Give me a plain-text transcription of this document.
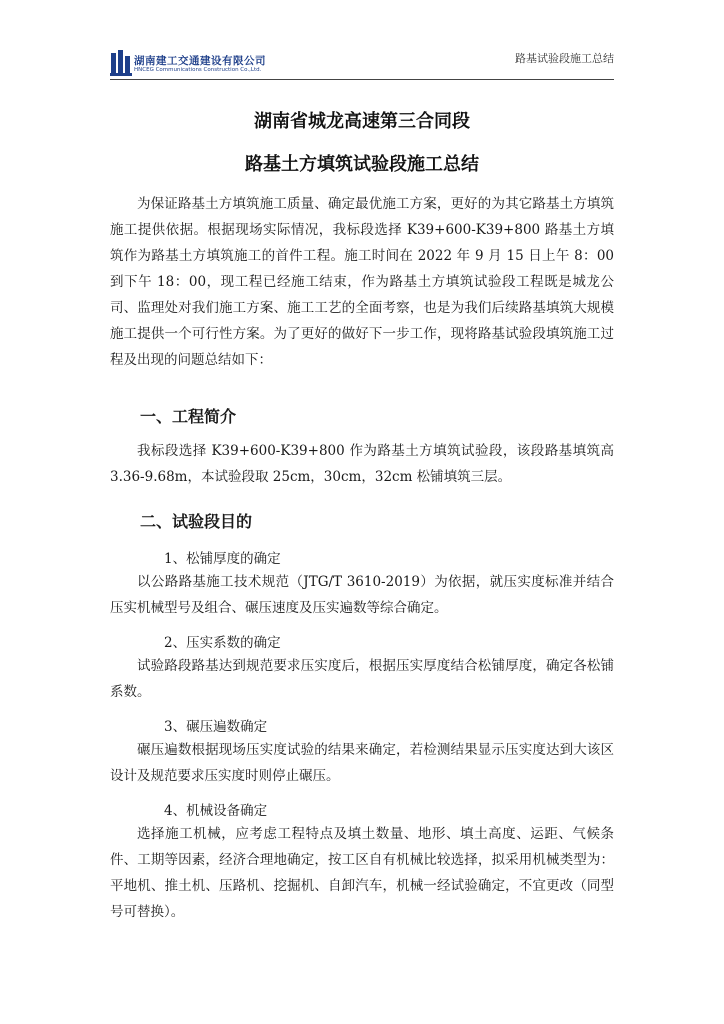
湖南建工交通建设有限公司
HNCEG Communications Construction Co.,Ltd.
路基试验段施工总结
湖南省城龙高速第三合同段
路基土方填筑试验段施工总结
为保证路基土方填筑施工质量、确定最优施工方案，更好的为其它路基土方填筑施工提供依据。根据现场实际情况，我标段选择 K39+600-K39+800 路基土方填筑作为路基土方填筑施工的首件工程。施工时间在 2022 年 9 月 15 日上午 8：00 到下午 18：00，现工程已经施工结束，作为路基土方填筑试验段工程既是城龙公司、监理处对我们施工方案、施工工艺的全面考察，也是为我们后续路基填筑大规模施工提供一个可行性方案。为了更好的做好下一步工作，现将路基试验段填筑施工过程及出现的问题总结如下：
一、工程简介
我标段选择 K39+600-K39+800 作为路基土方填筑试验段，该段路基填筑高 3.36-9.68m，本试验段取 25cm，30cm，32cm 松铺填筑三层。
二、试验段目的
1、松铺厚度的确定
以公路路基施工技术规范（JTG/T 3610-2019）为依据，就压实度标准并结合压实机械型号及组合、碾压速度及压实遍数等综合确定。
2、压实系数的确定
试验路段路基达到规范要求压实度后，根据压实厚度结合松铺厚度，确定各松铺系数。
3、碾压遍数确定
碾压遍数根据现场压实度试验的结果来确定，若检测结果显示压实度达到大该区设计及规范要求压实度时则停止碾压。
4、机械设备确定
选择施工机械，应考虑工程特点及填土数量、地形、填土高度、运距、气候条件、工期等因素，经济合理地确定，按工区自有机械比较选择，拟采用机械类型为：平地机、推土机、压路机、挖掘机、自卸汽车，机械一经试验确定，不宜更改（同型号可替换）。
